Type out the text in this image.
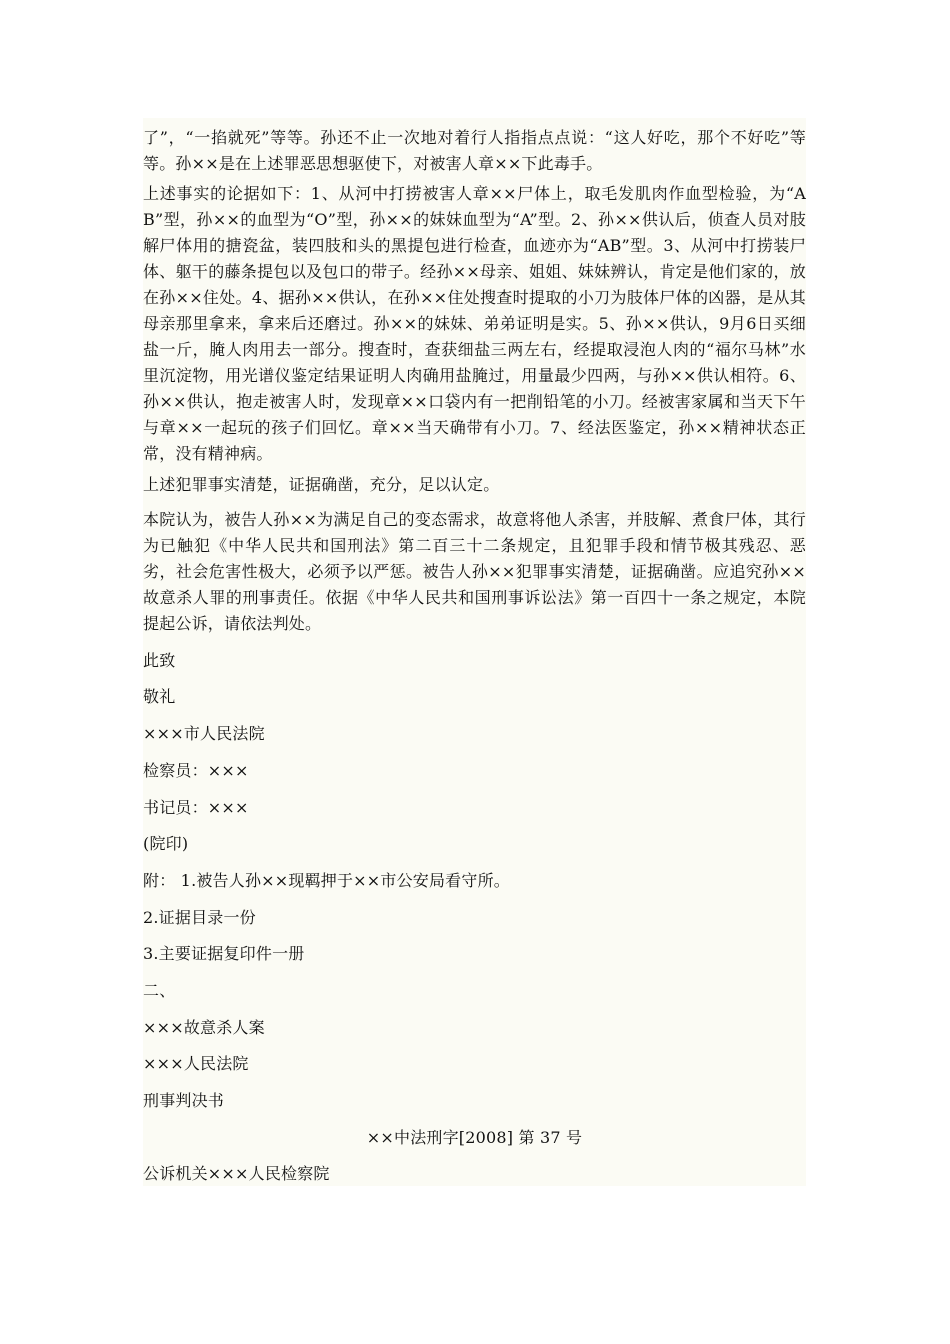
了”，“一掐就死”等等。孙还不止一次地对着行人指指点点说：“这人好吃，那个不好吃”等等。孙××是在上述罪恶思想驱使下，对被害人章××下此毒手。

上述事实的论据如下：1、从河中打捞被害人章××尸体上，取毛发肌肉作血型检验，为“AB”型，孙××的血型为“O”型，孙××的妹妹血型为“A”型。2、孙××供认后，侦查人员对肢解尸体用的搪瓷盆，装四肢和头的黑提包进行检查，血迹亦为“AB”型。3、从河中打捞装尸体、躯干的藤条提包以及包口的带子。经孙××母亲、姐姐、妹妹辨认，肯定是他们家的，放在孙××住处。4、据孙××供认，在孙××住处搜查时提取的小刀为肢体尸体的凶器，是从其母亲那里拿来，拿来后还磨过。孙××的妹妹、弟弟证明是实。5、孙××供认，9月6日买细盐一斤，腌人肉用去一部分。搜查时，查获细盐三两左右，经提取浸泡人肉的“福尔马林”水里沉淀物，用光谱仪鉴定结果证明人肉确用盐腌过，用量最少四两，与孙××供认相符。6、孙××供认，抱走被害人时，发现章××口袋内有一把削铅笔的小刀。经被害家属和当天下午与章××一起玩的孩子们回忆。章××当天确带有小刀。7、经法医鉴定，孙××精神状态正常，没有精神病。

上述犯罪事实清楚，证据确凿，充分，足以认定。

本院认为，被告人孙××为满足自己的变态需求，故意将他人杀害，并肢解、煮食尸体，其行为已触犯《中华人民共和国刑法》第二百三十二条规定，且犯罪手段和情节极其残忍、恶劣，社会危害性极大，必须予以严惩。被告人孙××犯罪事实清楚，证据确凿。应追究孙××故意杀人罪的刑事责任。依据《中华人民共和国刑事诉讼法》第一百四十一条之规定，本院提起公诉，请依法判处。

此致

敬礼

×××市人民法院

检察员：×××

书记员：×××

(院印)

附： 1.被告人孙××现羁押于××市公安局看守所。

2.证据目录一份

3.主要证据复印件一册

二、

×××故意杀人案

×××人民法院

刑事判决书

××中法刑字[2008] 第 37 号

公诉机关×××人民检察院
